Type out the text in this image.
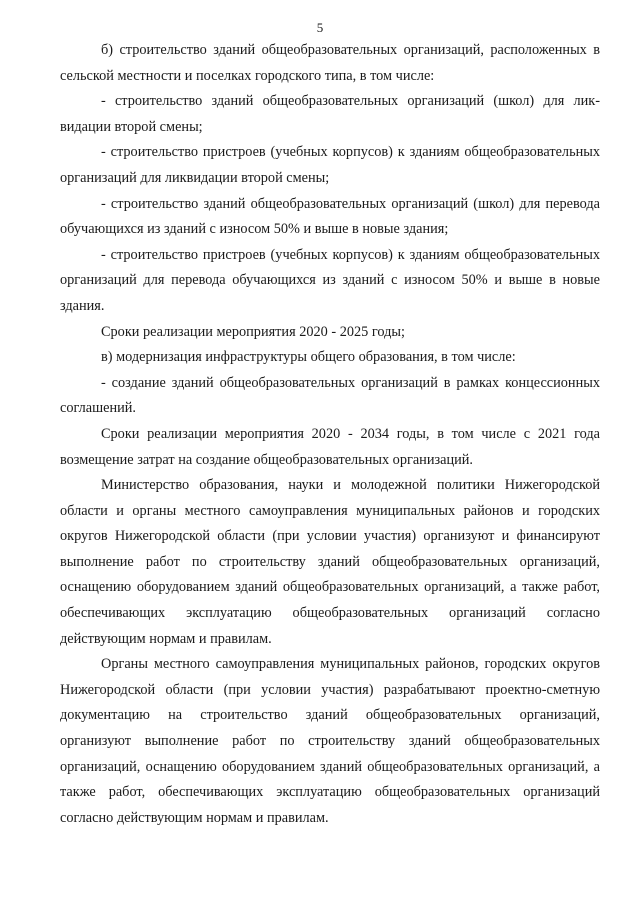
5

б) строительство зданий общеобразовательных организаций, расположенных в сельской местности и поселках городского типа, в том числе:

- строительство зданий общеобразовательных организаций (школ) для ликвидации второй смены;

- строительство пристроев (учебных корпусов) к зданиям общеобразовательных организаций для ликвидации второй смены;

- строительство зданий общеобразовательных организаций (школ) для перевода обучающихся из зданий с износом 50% и выше в новые здания;

- строительство пристроев (учебных корпусов) к зданиям общеобразовательных организаций для перевода обучающихся из зданий с износом 50% и выше в новые здания.

Сроки реализации мероприятия 2020 - 2025 годы;

в) модернизация инфраструктуры общего образования, в том числе:

- создание зданий общеобразовательных организаций в рамках концессионных соглашений.

Сроки реализации мероприятия 2020 - 2034 годы, в том числе с 2021 года возмещение затрат на создание общеобразовательных организаций.

Министерство образования, науки и молодежной политики Нижегородской области и органы местного самоуправления муниципальных районов и городских округов Нижегородской области (при условии участия) организуют и финансируют выполнение работ по строительству зданий общеобразовательных организаций, оснащению оборудованием зданий общеобразовательных организаций, а также работ, обеспечивающих эксплуатацию общеобразовательных организаций согласно действующим нормам и правилам.

Органы местного самоуправления муниципальных районов, городских округов Нижегородской области (при условии участия) разрабатывают проектно-сметную документацию на строительство зданий общеобразовательных организаций, организуют выполнение работ по строительству зданий общеобразовательных организаций, оснащению оборудованием зданий общеобразовательных организаций, а также работ, обеспечивающих эксплуатацию общеобразовательных организаций согласно действующим нормам и правилам.
